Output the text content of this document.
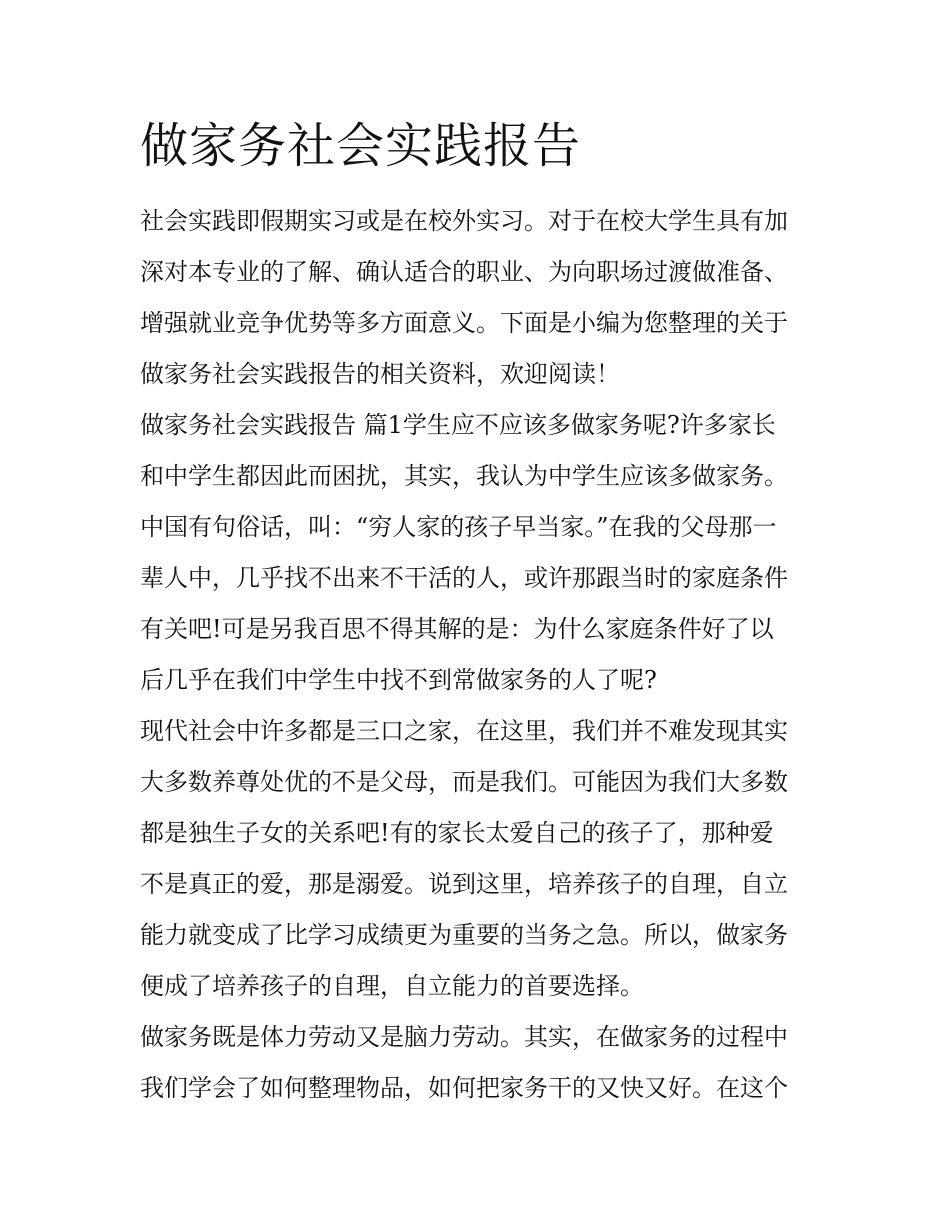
做家务社会实践报告
社会实践即假期实习或是在校外实习。对于在校大学生具有加
深对本专业的了解、确认适合的职业、为向职场过渡做准备、
增强就业竞争优势等多方面意义。下面是小编为您整理的关于
做家务社会实践报告的相关资料，欢迎阅读！
做家务社会实践报告 篇1学生应不应该多做家务呢?许多家长
和中学生都因此而困扰，其实，我认为中学生应该多做家务。
中国有句俗话，叫：“穷人家的孩子早当家。”在我的父母那一
辈人中，几乎找不出来不干活的人，或许那跟当时的家庭条件
有关吧!可是另我百思不得其解的是：为什么家庭条件好了以
后几乎在我们中学生中找不到常做家务的人了呢?
现代社会中许多都是三口之家，在这里，我们并不难发现其实
大多数养尊处优的不是父母，而是我们。可能因为我们大多数
都是独生子女的关系吧!有的家长太爱自己的孩子了，那种爱
不是真正的爱，那是溺爱。说到这里，培养孩子的自理，自立
能力就变成了比学习成绩更为重要的当务之急。所以，做家务
便成了培养孩子的自理，自立能力的首要选择。
做家务既是体力劳动又是脑力劳动。其实，在做家务的过程中
我们学会了如何整理物品，如何把家务干的又快又好。在这个
